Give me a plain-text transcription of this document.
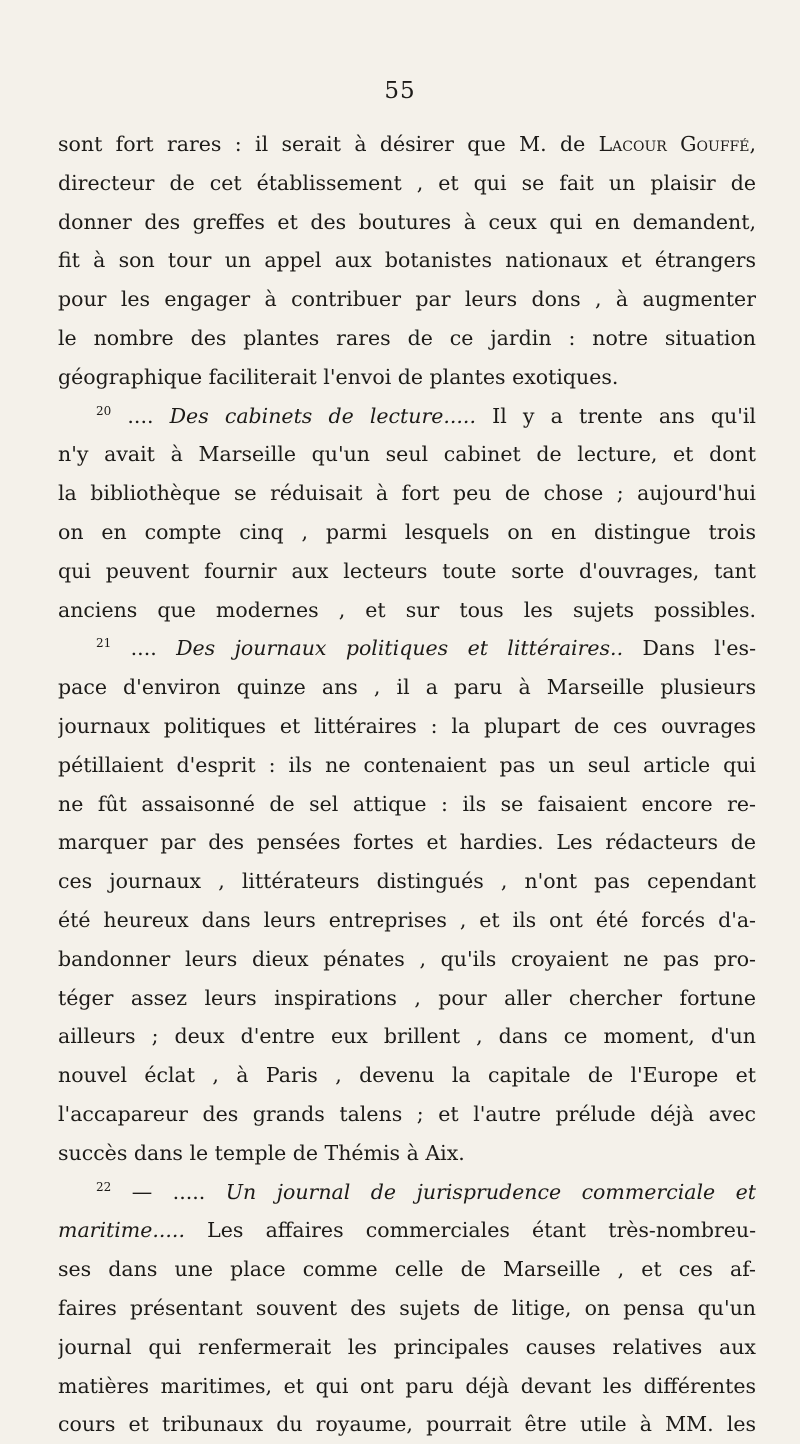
55
sont fort rares : il serait à désirer que M. de Lacour Gouffé,
directeur de cet établissement , et qui se fait un plaisir de
donner des greffes et des boutures à ceux qui en demandent,
fit à son tour un appel aux botanistes nationaux et étrangers
pour les engager à contribuer par leurs dons , à augmenter
le nombre des plantes rares de ce jardin : notre situation
géographique faciliterait l'envoi de plantes exotiques.
$^{20}$ .... Des cabinets de lecture..... Il y a trente ans qu'il
n'y avait à Marseille qu'un seul cabinet de lecture, et dont
la bibliothèque se réduisait à fort peu de chose ; aujourd'hui
on en compte cinq , parmi lesquels on en distingue trois
qui peuvent fournir aux lecteurs toute sorte d'ouvrages, tant
anciens que modernes , et sur tous les sujets possibles.
$^{21}$ .... Des journaux politiques et littéraires.. Dans l'es-
pace d'environ quinze ans , il a paru à Marseille plusieurs
journaux politiques et littéraires : la plupart de ces ouvrages
pétillaient d'esprit : ils ne contenaient pas un seul article qui
ne fût assaisonné de sel attique : ils se faisaient encore re-
marquer par des pensées fortes et hardies. Les rédacteurs de
ces journaux , littérateurs distingués , n'ont pas cependant
été heureux dans leurs entreprises , et ils ont été forcés d'a-
bandonner leurs dieux pénates , qu'ils croyaient ne pas pro-
téger assez leurs inspirations , pour aller chercher fortune
ailleurs ; deux d'entre eux brillent , dans ce moment, d'un
nouvel éclat , à Paris , devenu la capitale de l'Europe et
l'accapareur des grands talens ; et l'autre prélude déjà avec
succès dans le temple de Thémis à Aix.
$^{22}$ — ..... Un journal de jurisprudence commerciale et
maritime..... Les affaires commerciales étant très-nombreu-
ses dans une place comme celle de Marseille , et ces af-
faires présentant souvent des sujets de litige, on pensa qu'un
journal qui renfermerait les principales causes relatives aux
matières maritimes, et qui ont paru déjà devant les différentes
cours et tribunaux du royaume, pourrait être utile à MM. les
